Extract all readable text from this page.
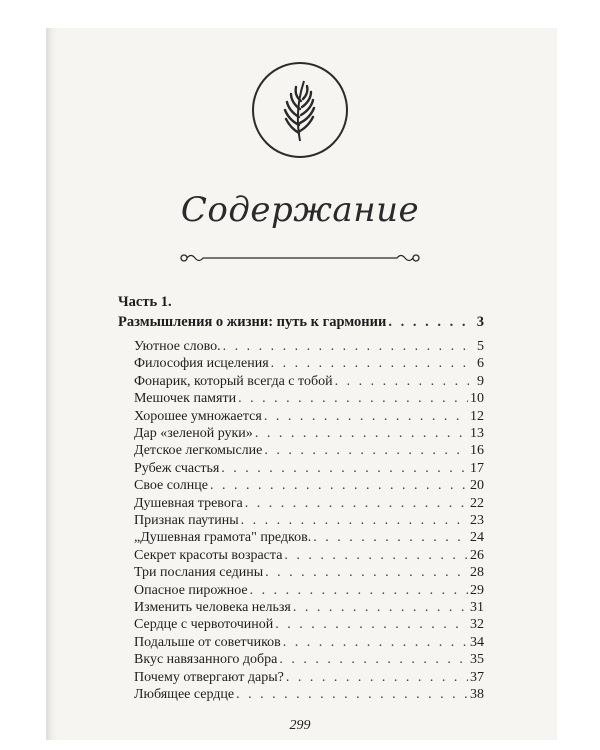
Содержание
Часть 1.
Размышления о жизни: путь к гармонии . . .	3
Уютное слово. . . .	5
Философия исцеления . . .	6
Фонарик, который всегда с тобой . . .	9
Мешочек памяти . . .	10
Хорошее умножается . . .	12
Дар «зеленой руки» . . .	13
Детское легкомыслие . . .	16
Рубеж счастья . . .	17
Свое солнце . . .	20
Душевная тревога . . .	22
Признак паутины . . .	23
„Душевная грамота" предков. . . .	24
Секрет красоты возраста . . .	26
Три послания седины . . .	28
Опасное пирожное . . .	29
Изменить человека нельзя . . .	31
Сердце с червоточиной . . .	32
Подальше от советчиков . . .	34
Вкус навязанного добра . . .	35
Почему отвергают дары? . . .	37
Любящее сердце . . .	38
299
